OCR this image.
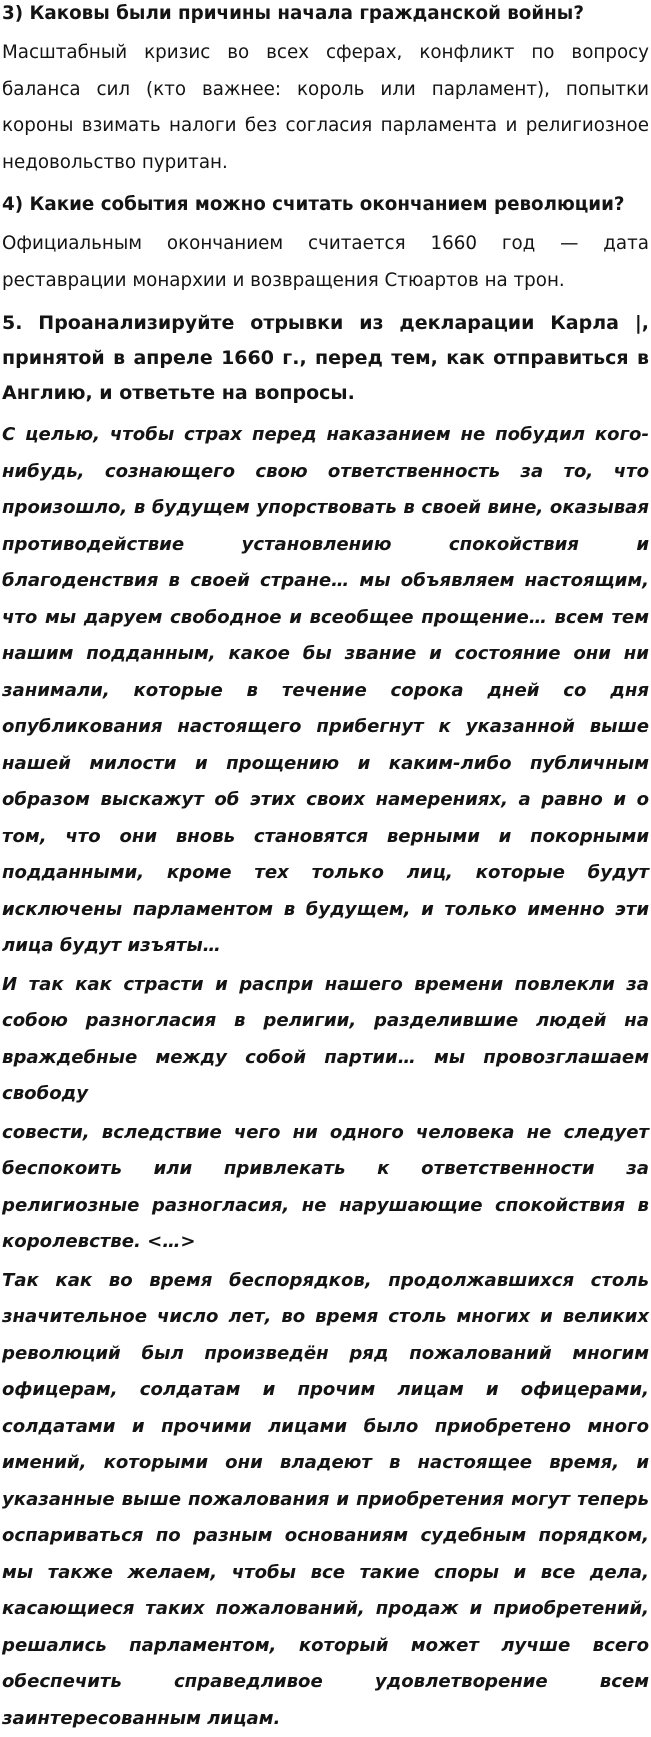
3) Каковы были причины начала гражданской войны?

Масштабный кризис во всех сферах, конфликт по вопросу баланса сил (кто важнее: король или парламент), попытки короны взимать налоги без согласия парламента и религиозное недовольство пуритан.

4) Какие события можно считать окончанием революции?

Официальным окончанием считается 1660 год — дата реставрации монархии и возвращения Стюартов на трон.

5. Проанализируйте отрывки из декларации Карла |, принятой в апреле 1660 г., перед тем, как отправиться в Англию, и ответьте на вопросы.

С целью, чтобы страх перед наказанием не побудил кого-нибудь, сознающего свою ответственность за то, что произошло, в будущем упорствовать в своей вине, оказывая противодействие установлению спокойствия и благоденствия в своей стране… мы объявляем настоящим, что мы даруем свободное и всеобщее прощение… всем тем нашим подданным, какое бы звание и состояние они ни занимали, которые в течение сорока дней со дня опубликования настоящего прибегнут к указанной выше нашей милости и прощению и каким-либо публичным образом выскажут об этих своих намерениях, а равно и о том, что они вновь становятся верными и покорными подданными, кроме тех только лиц, которые будут исключены парламентом в будущем, и только именно эти лица будут изъяты…

И так как страсти и распри нашего времени повлекли за собою разногласия в религии, разделившие людей на враждебные между собой партии… мы провозглашаем свободу

совести, вследствие чего ни одного человека не следует беспокоить или привлекать к ответственности за религиозные разногласия, не нарушающие спокойствия в королевстве. <…>

Так как во время беспорядков, продолжавшихся столь значительное число лет, во время столь многих и великих революций был произведён ряд пожалований многим офицерам, солдатам и прочим лицам и офицерами, солдатами и прочими лицами было приобретено много имений, которыми они владеют в настоящее время, и указанные выше пожалования и приобретения могут теперь оспариваться по разным основаниям судебным порядком, мы также желаем, чтобы все такие споры и все дела, касающиеся таких пожалований, продаж и приобретений, решались парламентом, который может лучше всего обеспечить справедливое удовлетворение всем заинтересованным лицам.
